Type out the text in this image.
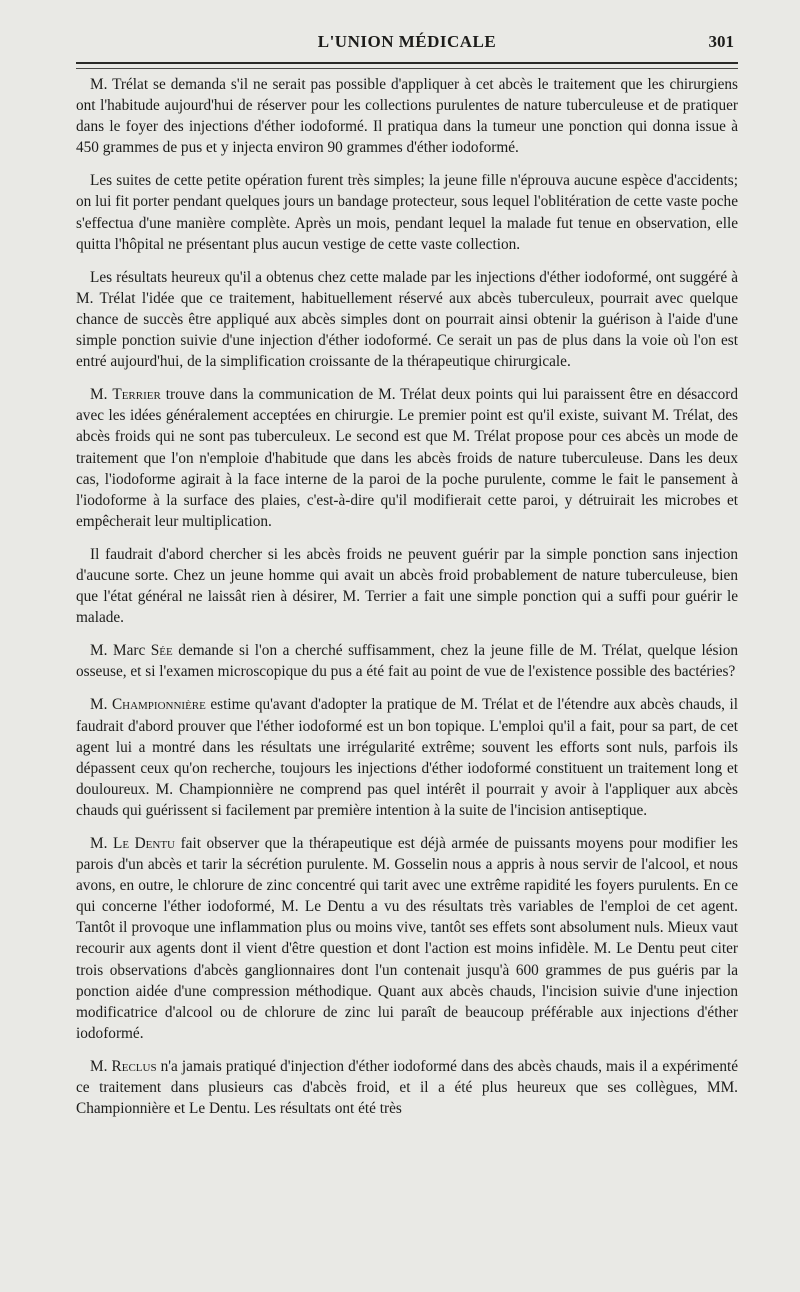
L'UNION MÉDICALE	301

M. Trélat se demanda s'il ne serait pas possible d'appliquer à cet abcès le traitement que les chirurgiens ont l'habitude aujourd'hui de réserver pour les collections purulentes de nature tuberculeuse et de pratiquer dans le foyer des injections d'éther iodoformé. Il pratiqua dans la tumeur une ponction qui donna issue à 450 grammes de pus et y injecta environ 90 grammes d'éther iodoformé.

Les suites de cette petite opération furent très simples; la jeune fille n'éprouva aucune espèce d'accidents; on lui fit porter pendant quelques jours un bandage protecteur, sous lequel l'oblitération de cette vaste poche s'effectua d'une manière complète. Après un mois, pendant lequel la malade fut tenue en observation, elle quitta l'hôpital ne présentant plus aucun vestige de cette vaste collection.

Les résultats heureux qu'il a obtenus chez cette malade par les injections d'éther iodoformé, ont suggéré à M. Trélat l'idée que ce traitement, habituellement réservé aux abcès tuberculeux, pourrait avec quelque chance de succès être appliqué aux abcès simples dont on pourrait ainsi obtenir la guérison à l'aide d'une simple ponction suivie d'une injection d'éther iodoformé. Ce serait un pas de plus dans la voie où l'on est entré aujourd'hui, de la simplification croissante de la thérapeutique chirurgicale.

M. Terrier trouve dans la communication de M. Trélat deux points qui lui paraissent être en désaccord avec les idées généralement acceptées en chirurgie. Le premier point est qu'il existe, suivant M. Trélat, des abcès froids qui ne sont pas tuberculeux. Le second est que M. Trélat propose pour ces abcès un mode de traitement que l'on n'emploie d'habitude que dans les abcès froids de nature tuberculeuse. Dans les deux cas, l'iodoforme agirait à la face interne de la paroi de la poche purulente, comme le fait le pansement à l'iodoforme à la surface des plaies, c'est-à-dire qu'il modifierait cette paroi, y détruirait les microbes et empêcherait leur multiplication.

Il faudrait d'abord chercher si les abcès froids ne peuvent guérir par la simple ponction sans injection d'aucune sorte. Chez un jeune homme qui avait un abcès froid probablement de nature tuberculeuse, bien que l'état général ne laissât rien à désirer, M. Terrier a fait une simple ponction qui a suffi pour guérir le malade.

M. Marc Sée demande si l'on a cherché suffisamment, chez la jeune fille de M. Trélat, quelque lésion osseuse, et si l'examen microscopique du pus a été fait au point de vue de l'existence possible des bactéries?

M. Championnière estime qu'avant d'adopter la pratique de M. Trélat et de l'étendre aux abcès chauds, il faudrait d'abord prouver que l'éther iodoformé est un bon topique. L'emploi qu'il a fait, pour sa part, de cet agent lui a montré dans les résultats une irrégularité extrême; souvent les efforts sont nuls, parfois ils dépassent ceux qu'on recherche, toujours les injections d'éther iodoformé constituent un traitement long et douloureux. M. Championnière ne comprend pas quel intérêt il pourrait y avoir à l'appliquer aux abcès chauds qui guérissent si facilement par première intention à la suite de l'incision antiseptique.

M. Le Dentu fait observer que la thérapeutique est déjà armée de puissants moyens pour modifier les parois d'un abcès et tarir la sécrétion purulente. M. Gosselin nous a appris à nous servir de l'alcool, et nous avons, en outre, le chlorure de zinc concentré qui tarit avec une extrême rapidité les foyers purulents. En ce qui concerne l'éther iodoformé, M. Le Dentu a vu des résultats très variables de l'emploi de cet agent. Tantôt il provoque une inflammation plus ou moins vive, tantôt ses effets sont absolument nuls. Mieux vaut recourir aux agents dont il vient d'être question et dont l'action est moins infidèle. M. Le Dentu peut citer trois observations d'abcès ganglionnaires dont l'un contenait jusqu'à 600 grammes de pus guéris par la ponction aidée d'une compression méthodique. Quant aux abcès chauds, l'incision suivie d'une injection modificatrice d'alcool ou de chlorure de zinc lui paraît de beaucoup préférable aux injections d'éther iodoformé.

M. Reclus n'a jamais pratiqué d'injection d'éther iodoformé dans des abcès chauds, mais il a expérimenté ce traitement dans plusieurs cas d'abcès froid, et il a été plus heureux que ses collègues, MM. Championnière et Le Dentu. Les résultats ont été très
